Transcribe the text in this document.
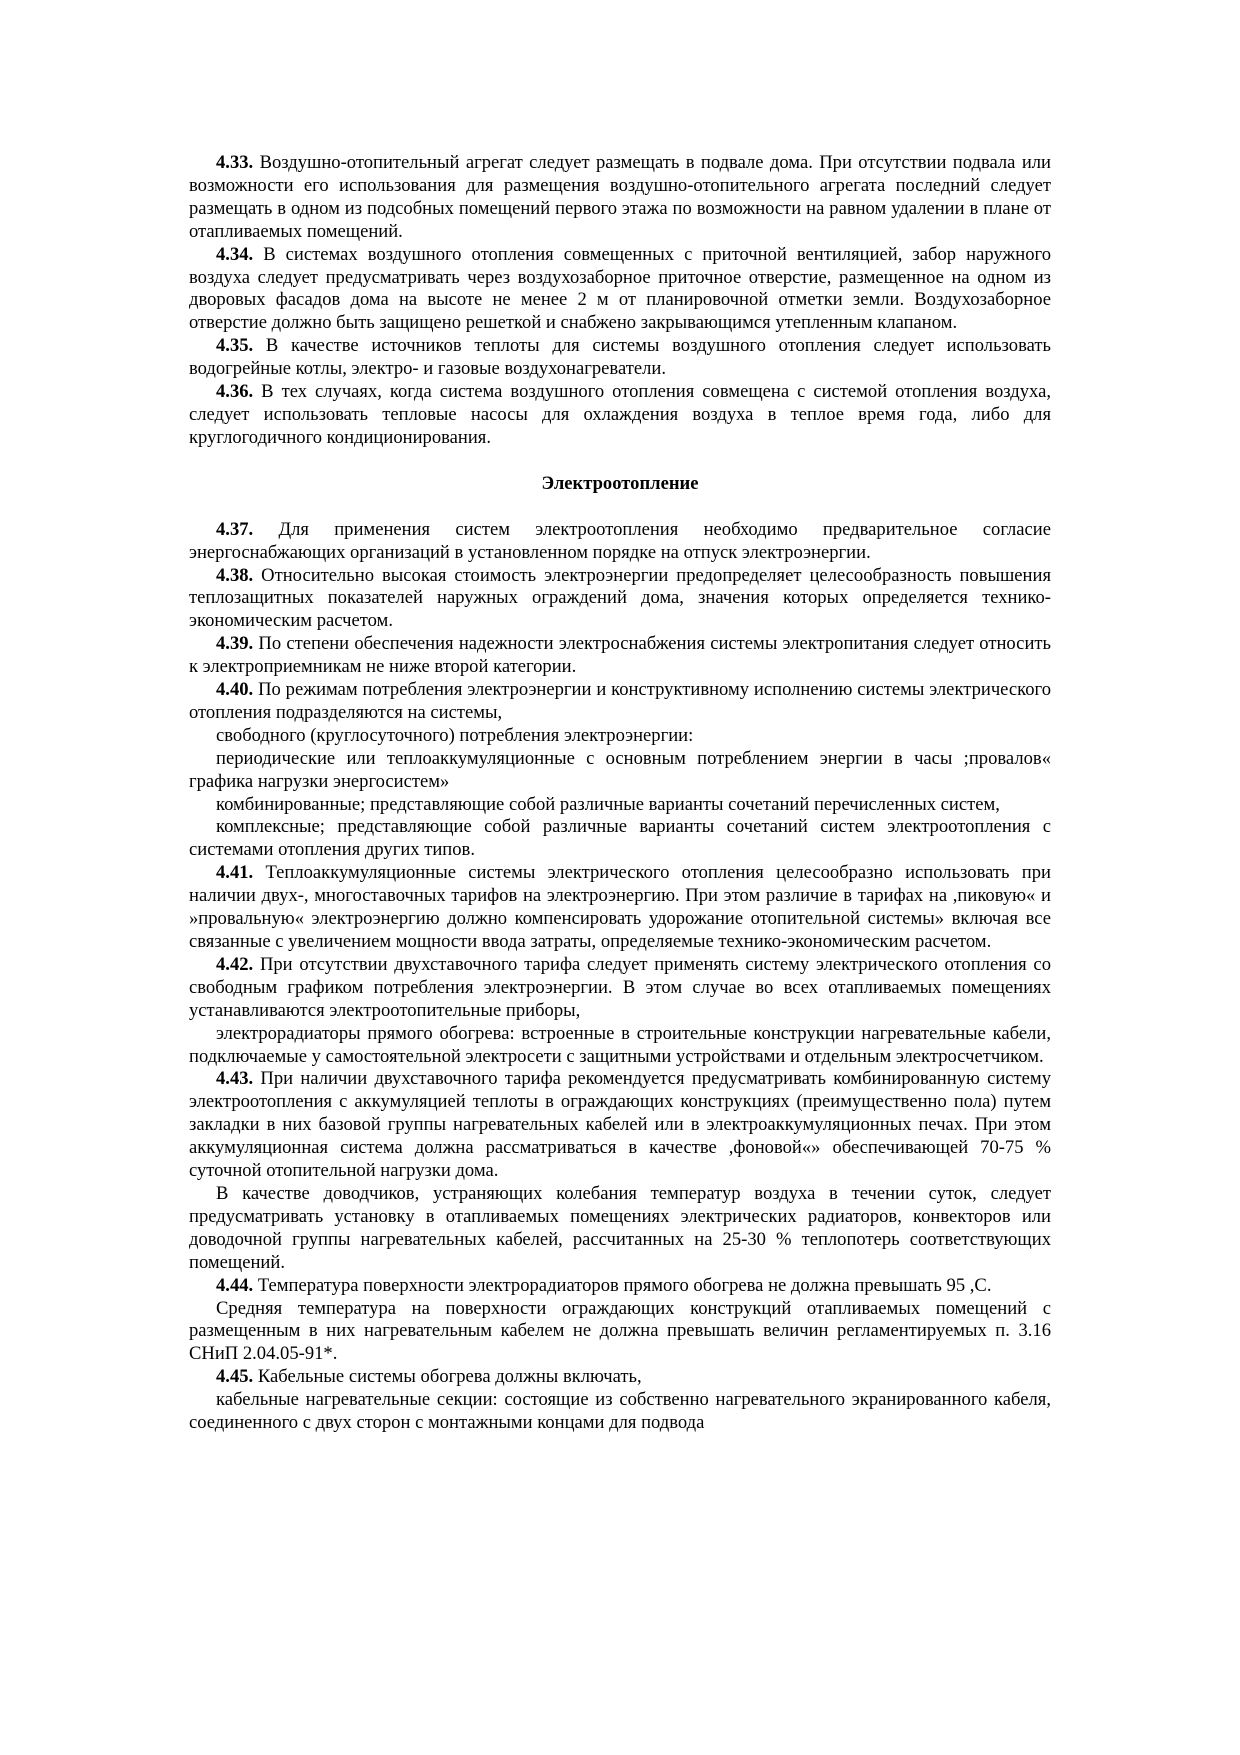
4.33. Воздушно-отопительный агрегат следует размещать в подвале дома. При отсутствии подвала или возможности его использования для размещения воздушно-отопительного агрегата последний следует размещать в одном из подсобных помещений первого этажа по возможности на равном удалении в плане от отапливаемых помещений.

4.34. В системах воздушного отопления совмещенных с приточной вентиляцией, забор наружного воздуха следует предусматривать через воздухозаборное приточное отверстие, размещенное на одном из дворовых фасадов дома на высоте не менее 2 м от планировочной отметки земли. Воздухозаборное отверстие должно быть защищено решеткой и снабжено закрывающимся утепленным клапаном.

4.35. В качестве источников теплоты для системы воздушного отопления следует использовать водогрейные котлы, электро- и газовые воздухонагреватели.

4.36. В тех случаях, когда система воздушного отопления совмещена с системой отопления воздуха, следует использовать тепловые насосы для охлаждения воздуха в теплое время года, либо для круглогодичного кондиционирования.

Электроотопление

4.37. Для применения систем электроотопления необходимо предварительное согласие энергоснабжающих организаций в установленном порядке на отпуск электроэнергии.

4.38. Относительно высокая стоимость электроэнергии предопределяет целесообразность повышения теплозащитных показателей наружных ограждений дома, значения которых определяется технико-экономическим расчетом.

4.39. По степени обеспечения надежности электроснабжения системы электропитания следует относить к электроприемникам не ниже второй категории.

4.40. По режимам потребления электроэнергии и конструктивному исполнению системы электрического отопления подразделяются на системы,

свободного (круглосуточного) потребления электроэнергии:

периодические или теплоаккумуляционные с основным потреблением энергии в часы ;провалов« графика нагрузки энергосистем»

комбинированные; представляющие собой различные варианты сочетаний перечисленных систем,

комплексные; представляющие собой различные варианты сочетаний систем электроотопления с системами отопления других типов.

4.41. Теплоаккумуляционные системы электрического отопления целесообразно использовать при наличии двух-, многоставочных тарифов на электроэнергию. При этом различие в тарифах на ,пиковую« и »провальную« электроэнергию должно компенсировать удорожание отопительной системы» включая все связанные с увеличением мощности ввода затраты, определяемые технико-экономическим расчетом.

4.42. При отсутствии двухставочного тарифа следует применять систему электрического отопления со свободным графиком потребления электроэнергии. В этом случае во всех отапливаемых помещениях устанавливаются электроотопительные приборы,

электрорадиаторы прямого обогрева: встроенные в строительные конструкции нагревательные кабели, подключаемые у самостоятельной электросети с защитными устройствами и отдельным электросчетчиком.

4.43. При наличии двухставочного тарифа рекомендуется предусматривать комбинированную систему электроотопления с аккумуляцией теплоты в ограждающих конструкциях (преимущественно пола) путем закладки в них базовой группы нагревательных кабелей или в электроаккумуляционных печах. При этом аккумуляционная система должна рассматриваться в качестве ,фоновой«» обеспечивающей 70-75 % суточной отопительной нагрузки дома.

В качестве доводчиков, устраняющих колебания температур воздуха в течении суток, следует предусматривать установку в отапливаемых помещениях электрических радиаторов, конвекторов или доводочной группы нагревательных кабелей, рассчитанных на 25-30 % теплопотерь соответствующих помещений.

4.44. Температура поверхности электрорадиаторов прямого обогрева не должна превышать 95 ,С.

Средняя температура на поверхности ограждающих конструкций отапливаемых помещений с размещенным в них нагревательным кабелем не должна превышать величин регламентируемых п. 3.16 СНиП 2.04.05-91*.

4.45. Кабельные системы обогрева должны включать,

кабельные нагревательные секции: состоящие из собственно нагревательного экранированного кабеля, соединенного с двух сторон с монтажными концами для подвода
